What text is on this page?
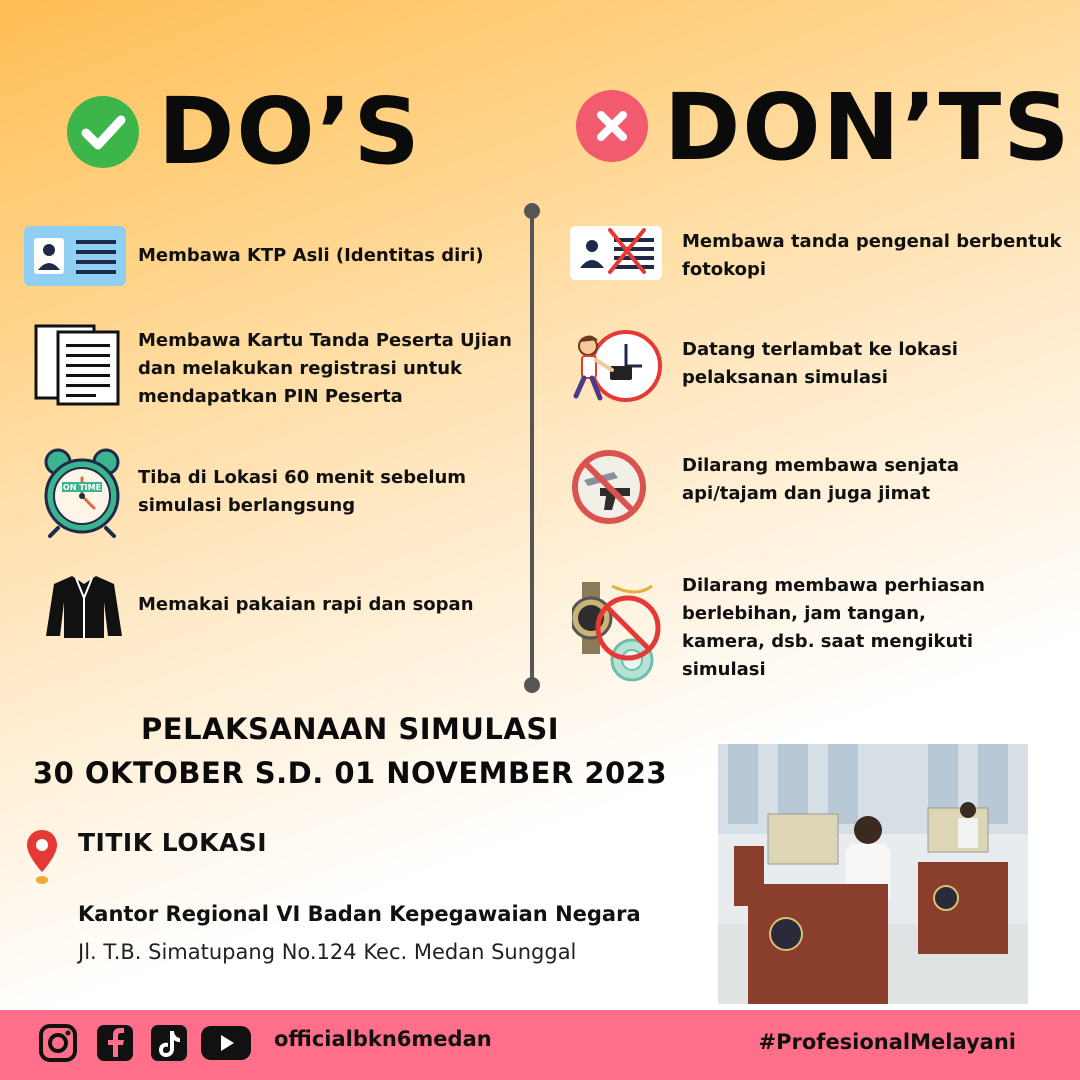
DO’S	DON’TS
Membawa KTP Asli (Identitas diri)
Membawa Kartu Tanda Peserta Ujian dan melakukan registrasi untuk mendapatkan PIN Peserta
ON TIME Tiba di Lokasi 60 menit sebelum simulasi berlangsung
Memakai pakaian rapi dan sopan
Membawa tanda pengenal berbentuk fotokopi
Datang terlambat ke lokasi pelaksanan simulasi
Dilarang membawa senjata api/tajam dan juga jimat
Dilarang membawa perhiasan berlebihan, jam tangan, kamera, dsb. saat mengikuti simulasi
PELAKSANAAN SIMULASI
30 OKTOBER S.D. 01 NOVEMBER 2023
TITIK LOKASI
Kantor Regional VI Badan Kepegawaian Negara
Jl. T.B. Simatupang No.124 Kec. Medan Sunggal
officialbkn6medan	#ProfesionalMelayani
